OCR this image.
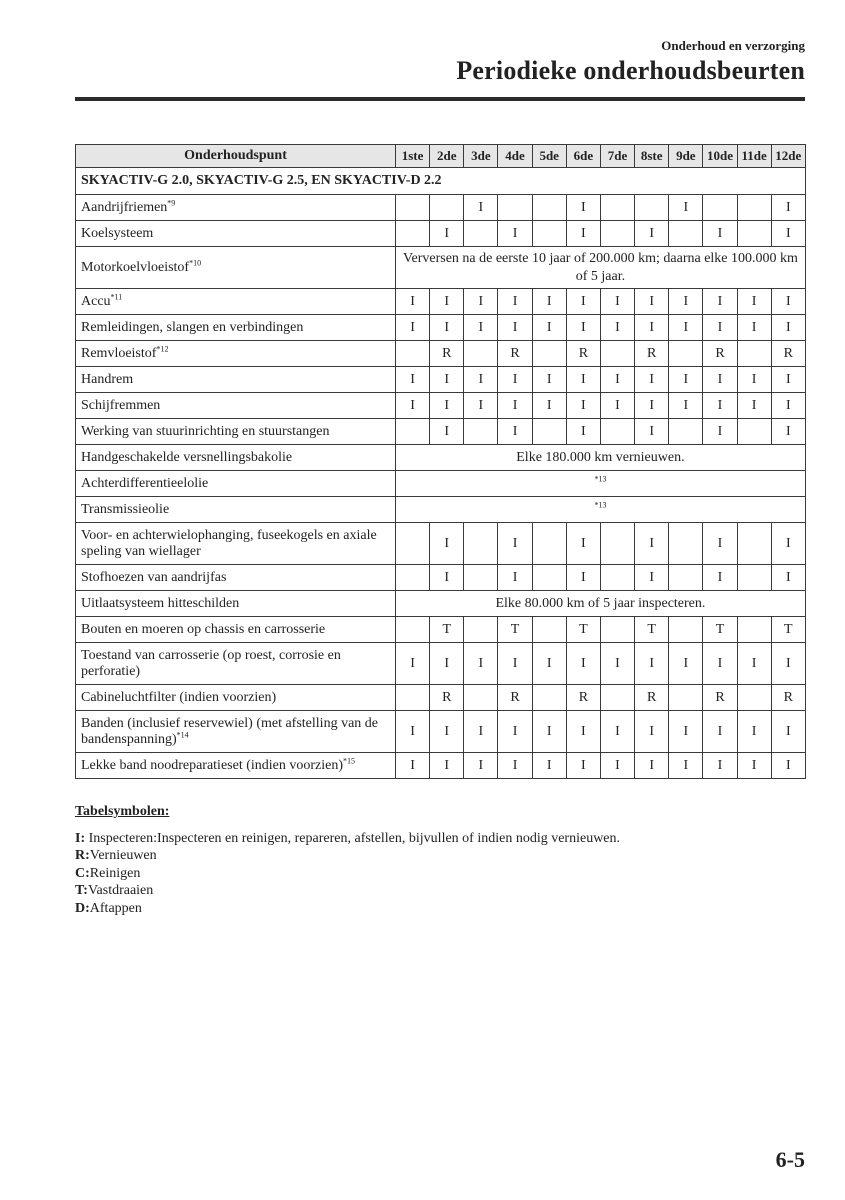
Onderhoud en verzorging
Periodieke onderhoudsbeurten
Onderhoudspunt	1ste	2de	3de	4de	5de	6de	7de	8ste	9de	10de	11de	12de
SKYACTIV-G 2.0, SKYACTIV-G 2.5, EN SKYACTIV-D 2.2												
Aandrijfriemen$^{*9}$			I			I			I			I
Koelsysteem		I		I		I		I		I		I
Motorkoelvloeistof$^{*10}$	Verversen na de eerste 10 jaar of 200.000 km; daarna elke 100.000 km of 5 jaar.											
Accu$^{*11}$	I	I	I	I	I	I	I	I	I	I	I	I
Remleidingen, slangen en verbindingen	I	I	I	I	I	I	I	I	I	I	I	I
Remvloeistof$^{*12}$		R		R		R		R		R		R
Handrem	I	I	I	I	I	I	I	I	I	I	I	I
Schijfremmen	I	I	I	I	I	I	I	I	I	I	I	I
Werking van stuurinrichting en stuurstangen		I		I		I		I		I		I
Handgeschakelde versnellingsbakolie	Elke 180.000 km vernieuwen.											
Achterdifferentieelolie	$^{*13}$
Transmissieolie	$^{*13}$
Voor- en achterwielophanging, fuseekogels en axiale speling van wiellager		I		I		I		I		I		I
Stofhoezen van aandrijfas		I		I		I		I		I		I
Uitlaatsysteem hitteschilden	Elke 80.000 km of 5 jaar inspecteren.											
Bouten en moeren op chassis en carrosserie		T		T		T		T		T		T
Toestand van carrosserie (op roest, corrosie en perforatie)	I	I	I	I	I	I	I	I	I	I	I	I
Cabineluchtfilter (indien voorzien)		R		R		R		R		R		R
Banden (inclusief reservewiel) (met afstelling van de bandenspanning)$^{*14}$	I	I	I	I	I	I	I	I	I	I	I	I
Lekke band noodreparatieset (indien voorzien)$^{*15}$	I	I	I	I	I	I	I	I	I	I	I	I
Tabelsymbolen:
I: Inspecteren:Inspecteren en reinigen, repareren, afstellen, bijvullen of indien nodig vernieuwen.
R:Vernieuwen
C:Reinigen
T:Vastdraaien
D:Aftappen
6-5
